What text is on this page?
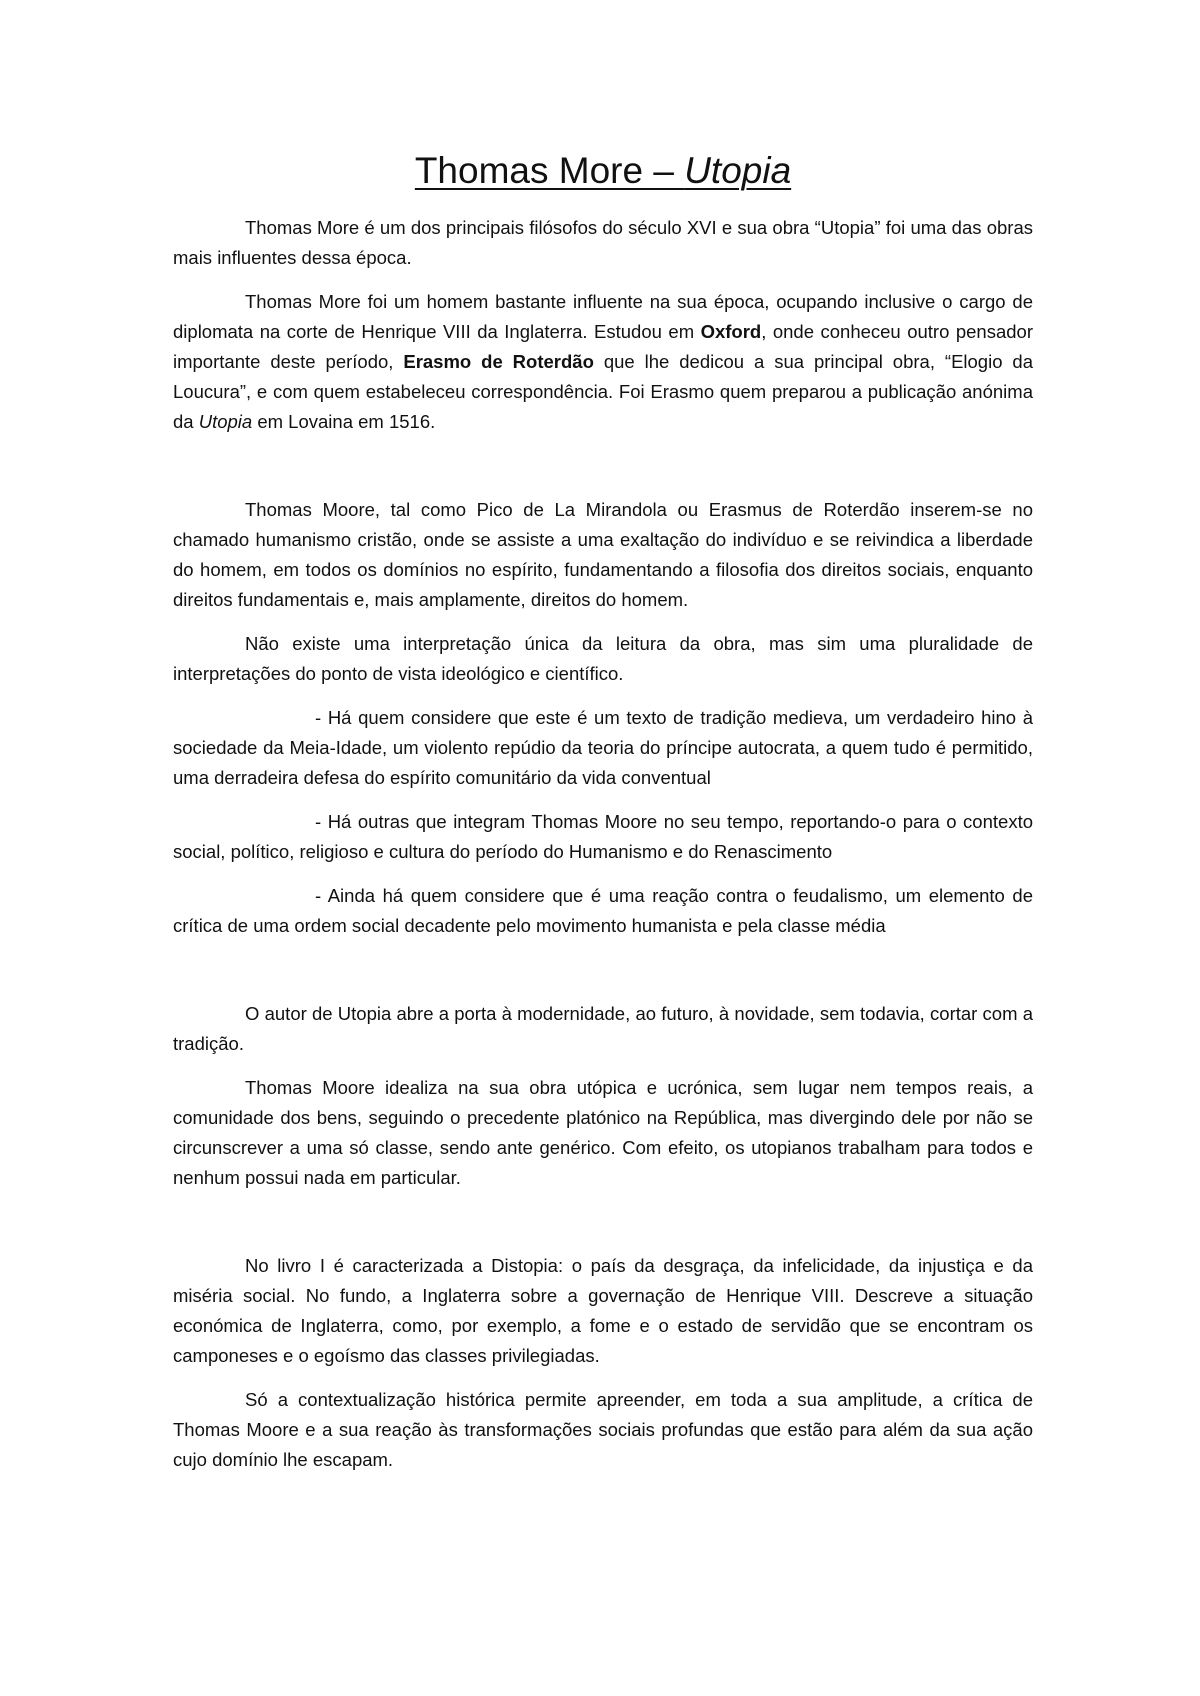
Thomas More – Utopia

Thomas More é um dos principais filósofos do século XVI e sua obra “Utopia” foi uma das obras mais influentes dessa época.

Thomas More foi um homem bastante influente na sua época, ocupando inclusive o cargo de diplomata na corte de Henrique VIII da Inglaterra. Estudou em Oxford, onde conheceu outro pensador importante deste período, Erasmo de Roterdão que lhe dedicou a sua principal obra, “Elogio da Loucura”, e com quem estabeleceu correspondência. Foi Erasmo quem preparou a publicação anónima da Utopia em Lovaina em 1516.

Thomas Moore, tal como Pico de La Mirandola ou Erasmus de Roterdão inserem-se no chamado humanismo cristão, onde se assiste a uma exaltação do indivíduo e se reivindica a liberdade do homem, em todos os domínios no espírito, fundamentando a filosofia dos direitos sociais, enquanto direitos fundamentais e, mais amplamente, direitos do homem.

Não existe uma interpretação única da leitura da obra, mas sim uma pluralidade de interpretações do ponto de vista ideológico e científico.

- Há quem considere que este é um texto de tradição medieva, um verdadeiro hino à sociedade da Meia-Idade, um violento repúdio da teoria do príncipe autocrata, a quem tudo é permitido, uma derradeira defesa do espírito comunitário da vida conventual

- Há outras que integram Thomas Moore no seu tempo, reportando-o para o contexto social, político, religioso e cultura do período do Humanismo e do Renascimento

- Ainda há quem considere que é uma reação contra o feudalismo, um elemento de crítica de uma ordem social decadente pelo movimento humanista e pela classe média

O autor de Utopia abre a porta à modernidade, ao futuro, à novidade, sem todavia, cortar com a tradição.

Thomas Moore idealiza na sua obra utópica e ucrónica, sem lugar nem tempos reais, a comunidade dos bens, seguindo o precedente platónico na República, mas divergindo dele por não se circunscrever a uma só classe, sendo ante genérico. Com efeito, os utopianos trabalham para todos e nenhum possui nada em particular.

No livro I é caracterizada a Distopia: o país da desgraça, da infelicidade, da injustiça e da miséria social. No fundo, a Inglaterra sobre a governação de Henrique VIII. Descreve a situação económica de Inglaterra, como, por exemplo, a fome e o estado de servidão que se encontram os camponeses e o egoísmo das classes privilegiadas.

Só a contextualização histórica permite apreender, em toda a sua amplitude, a crítica de Thomas Moore e a sua reação às transformações sociais profundas que estão para além da sua ação cujo domínio lhe escapam.
